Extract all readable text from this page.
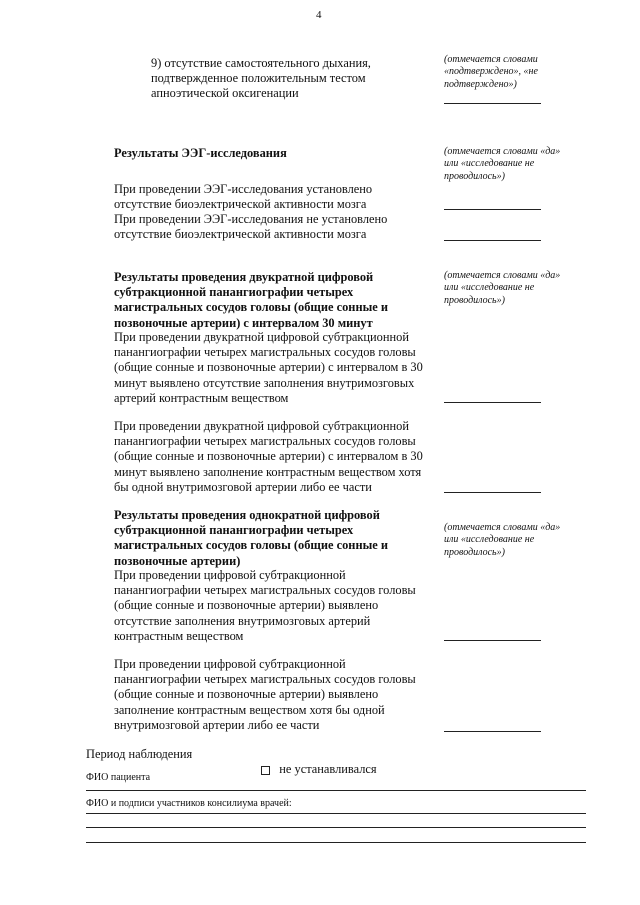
4
9) отсутствие самостоятельного дыхания,
подтвержденное положительным тестом
апноэтической оксигенации
(отмечается словами
«подтверждено», «не
подтверждено»)
Результаты ЭЭГ-исследования	(отмечается словами «да»
или «исследование не
проводилось»)
При проведении ЭЭГ-исследования установлено
отсутствие биоэлектрической активности мозга
При проведении ЭЭГ-исследования не установлено
отсутствие биоэлектрической активности мозга
Результаты проведения двукратной цифровой
субтракционной панангиографии четырех
магистральных сосудов головы (общие сонные и
позвоночные артерии) с интервалом 30 минут
(отмечается словами «да»
или «исследование не
проводилось»)
При проведении двукратной цифровой субтракционной
панангиографии четырех магистральных сосудов головы
(общие сонные и позвоночные артерии) с интервалом в 30
минут выявлено отсутствие заполнения внутримозговых
артерий контрастным веществом
При проведении двукратной цифровой субтракционной
панангиографии четырех магистральных сосудов головы
(общие сонные и позвоночные артерии) с интервалом в 30
минут выявлено заполнение контрастным веществом хотя
бы одной внутримозговой артерии либо ее части
Результаты проведения однократной цифровой
субтракционной панангиографии четырех
магистральных сосудов головы (общие сонные и
позвоночные артерии)
(отмечается словами «да»
или «исследование не
проводилось»)
При проведении цифровой субтракционной
панангиографии четырех магистральных сосудов головы
(общие сонные и позвоночные артерии) выявлено
отсутствие заполнения внутримозговых артерий
контрастным веществом
При проведении цифровой субтракционной
панангиографии четырех магистральных сосудов головы
(общие сонные и позвоночные артерии) выявлено
заполнение контрастным веществом хотя бы одной
внутримозговой артерии либо ее части
Период наблюдения

не устанавливался

ФИО пациента
ФИО и подписи участников консилиума врачей:
